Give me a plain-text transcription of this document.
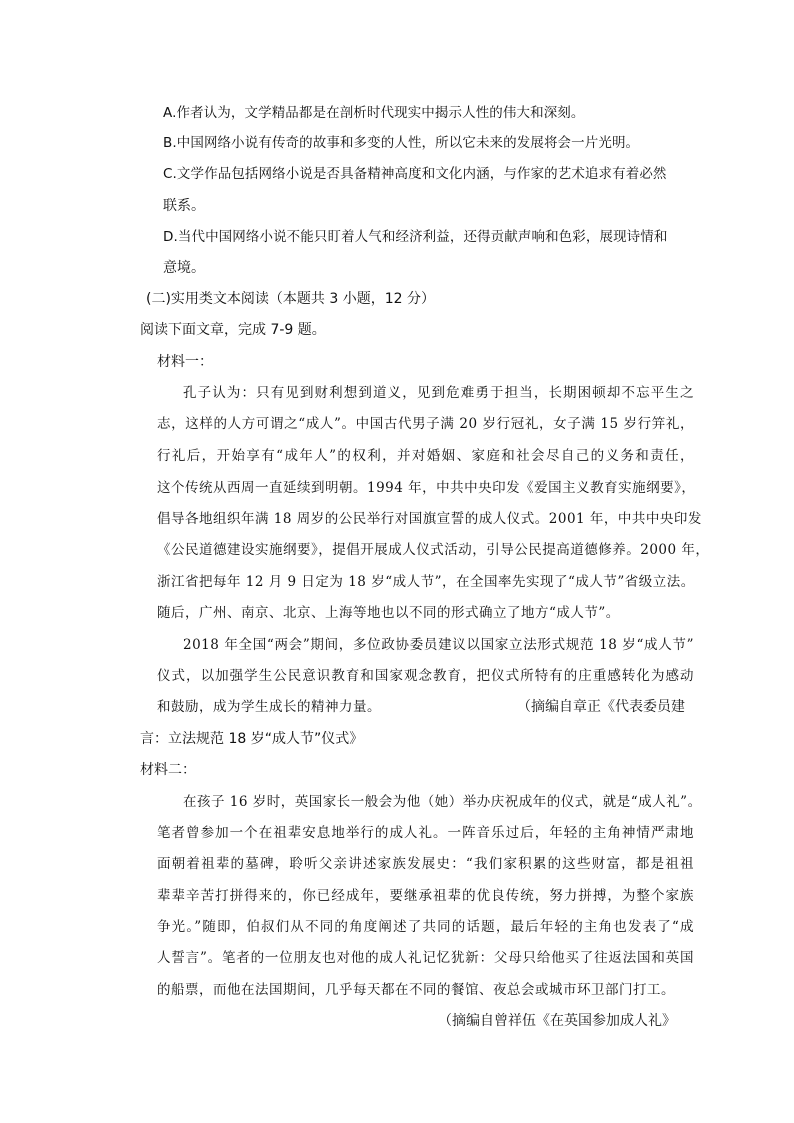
A.作者认为，文学精品都是在剖析时代现实中揭示人性的伟大和深刻。
B.中国网络小说有传奇的故事和多变的人性，所以它未来的发展将会一片光明。
C.文学作品包括网络小说是否具备精神高度和文化内涵，与作家的艺术追求有着必然
联系。
D.当代中国网络小说不能只盯着人气和经济利益，还得贡献声响和色彩，展现诗情和
意境。
(二)实用类文本阅读（本题共 3 小题，12 分）
阅读下面文章，完成 7-9 题。
材料一：
孔子认为：只有见到财利想到道义，见到危难勇于担当，长期困顿却不忘平生之
志，这样的人方可谓之“成人”。中国古代男子满 20 岁行冠礼，女子满 15 岁行笄礼，
行礼后，开始享有“成年人”的权利，并对婚姻、家庭和社会尽自己的义务和责任，
这个传统从西周一直延续到明朝。1994 年，中共中央印发《爱国主义教育实施纲要》，
倡导各地组织年满 18 周岁的公民举行对国旗宣誓的成人仪式。2001 年，中共中央印发
《公民道德建设实施纲要》，提倡开展成人仪式活动，引导公民提高道德修养。2000 年，
浙江省把每年 12 月 9 日定为 18 岁“成人节”，在全国率先实现了“成人节”省级立法。
随后，广州、南京、北京、上海等地也以不同的形式确立了地方“成人节”。
2018 年全国“两会”期间，多位政协委员建议以国家立法形式规范 18 岁“成人节”
仪式，以加强学生公民意识教育和国家观念教育，把仪式所特有的庄重感转化为感动
和鼓励，成为学生成长的精神力量。	（摘编自章正《代表委员建
言：立法规范 18 岁“成人节”仪式》
材料二：
在孩子 16 岁时，英国家长一般会为他（她）举办庆祝成年的仪式，就是“成人礼”。
笔者曾参加一个在祖辈安息地举行的成人礼。一阵音乐过后，年轻的主角神情严肃地
面朝着祖辈的墓碑，聆听父亲讲述家族发展史：“我们家积累的这些财富，都是祖祖
辈辈辛苦打拼得来的，你已经成年，要继承祖辈的优良传统，努力拼搏，为整个家族
争光。”随即，伯叔们从不同的角度阐述了共同的话题，最后年轻的主角也发表了“成
人誓言”。笔者的一位朋友也对他的成人礼记忆犹新：父母只给他买了往返法国和英国
的船票，而他在法国期间，几乎每天都在不同的餐馆、夜总会或城市环卫部门打工。
（摘编自曾祥伍《在英国参加成人礼》
